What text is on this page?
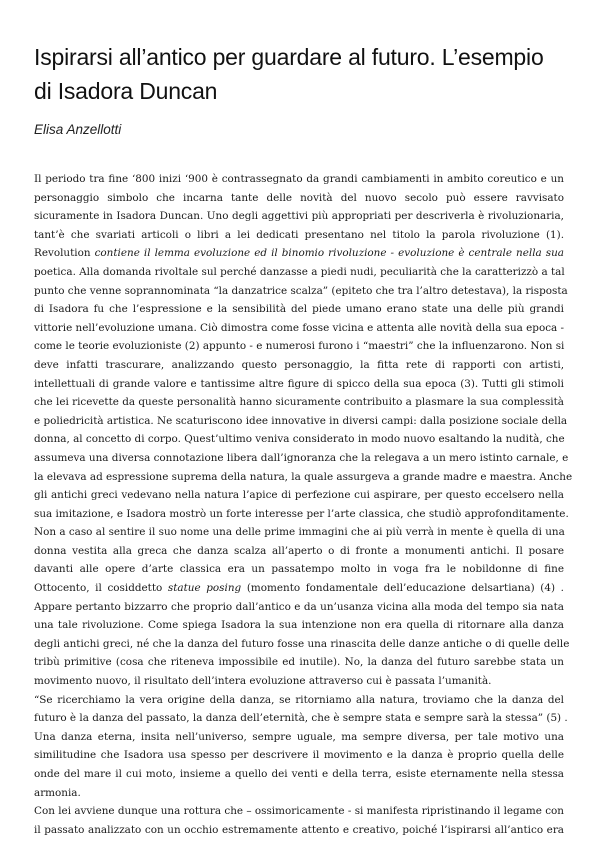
Ispirarsi all’antico per guardare al futuro. L’esempio
di Isadora Duncan

Elisa Anzellotti

Il periodo tra fine ‘800 inizi ‘900 è contrassegnato da grandi cambiamenti in ambito coreutico e un
personaggio simbolo che incarna tante delle novità del nuovo secolo può essere ravvisato
sicuramente in Isadora Duncan. Uno degli aggettivi più appropriati per descriverla è rivoluzionaria,
tant’è che svariati articoli o libri a lei dedicati presentano nel titolo la parola rivoluzione (1).
Revolution contiene il lemma evoluzione ed il binomio rivoluzione - evoluzione è centrale nella sua
poetica. Alla domanda rivoltale sul perché danzasse a piedi nudi, peculiarità che la caratterizzò a tal
punto che venne soprannominata “la danzatrice scalza” (epiteto che tra l’altro detestava), la risposta
di Isadora fu che l’espressione e la sensibilità del piede umano erano state una delle più grandi
vittorie nell’evoluzione umana. Ciò dimostra come fosse vicina e attenta alle novità della sua epoca -
come le teorie evoluzioniste (2) appunto - e numerosi furono i “maestri” che la influenzarono. Non si
deve infatti trascurare, analizzando questo personaggio, la fitta rete di rapporti con artisti,
intellettuali di grande valore e tantissime altre figure di spicco della sua epoca (3). Tutti gli stimoli
che lei ricevette da queste personalità hanno sicuramente contribuito a plasmare la sua complessità
e poliedricità artistica. Ne scaturiscono idee innovative in diversi campi: dalla posizione sociale della
donna, al concetto di corpo. Quest’ultimo veniva considerato in modo nuovo esaltando la nudità, che
assumeva una diversa connotazione libera dall’ignoranza che la relegava a un mero istinto carnale, e
la elevava ad espressione suprema della natura, la quale assurgeva a grande madre e maestra. Anche
gli antichi greci vedevano nella natura l’apice di perfezione cui aspirare, per questo eccelsero nella
sua imitazione, e Isadora mostrò un forte interesse per l’arte classica, che studiò approfonditamente.
Non a caso al sentire il suo nome una delle prime immagini che ai più verrà in mente è quella di una
donna vestita alla greca che danza scalza all’aperto o di fronte a monumenti antichi. Il posare
davanti alle opere d’arte classica era un passatempo molto in voga fra le nobildonne di fine
Ottocento, il cosiddetto statue posing (momento fondamentale dell’educazione delsartiana) (4) .
Appare pertanto bizzarro che proprio dall’antico e da un’usanza vicina alla moda del tempo sia nata
una tale rivoluzione. Come spiega Isadora la sua intenzione non era quella di ritornare alla danza
degli antichi greci, né che la danza del futuro fosse una rinascita delle danze antiche o di quelle delle
tribù primitive (cosa che riteneva impossibile ed inutile). No, la danza del futuro sarebbe stata un
movimento nuovo, il risultato dell’intera evoluzione attraverso cui è passata l’umanità.
“Se ricerchiamo la vera origine della danza, se ritorniamo alla natura, troviamo che la danza del
futuro è la danza del passato, la danza dell’eternità, che è sempre stata e sempre sarà la stessa” (5) .
Una danza eterna, insita nell’universo, sempre uguale, ma sempre diversa, per tale motivo una
similitudine che Isadora usa spesso per descrivere il movimento e la danza è proprio quella delle
onde del mare il cui moto, insieme a quello dei venti e della terra, esiste eternamente nella stessa
armonia.
Con lei avviene dunque una rottura che – ossimoricamente - si manifesta ripristinando il legame con
il passato analizzato con un occhio estremamente attento e creativo, poiché l’ispirarsi all’antico era
